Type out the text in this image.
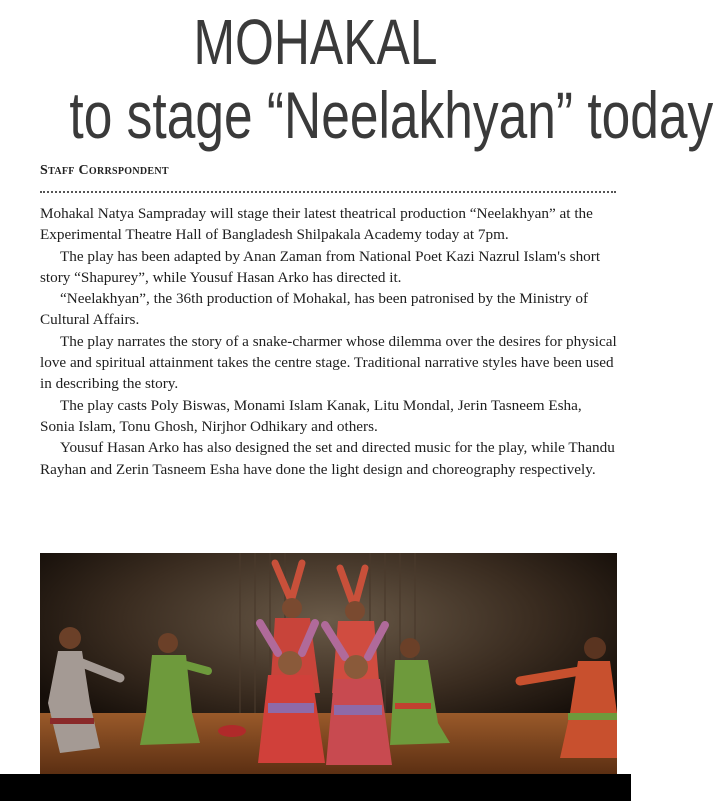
MOHAKAL
to stage “Neelakhyan” today
Staff Corrspondent

Mohakal Natya Sampraday will stage their latest theatrical production “Neelakhyan” at the Experimental Theatre Hall of Bangladesh Shilpakala Academy today at 7pm.

The play has been adapted by Anan Zaman from National Poet Kazi Nazrul Islam's short story “Shapurey”, while Yousuf Hasan Arko has directed it.

“Neelakhyan”, the 36th production of Mohakal, has been patronised by the Ministry of Cultural Affairs.

The play narrates the story of a snake-charmer whose dilemma over the desires for physical love and spiritual attainment takes the centre stage. Traditional narrative styles have been used in describing the story.

The play casts Poly Biswas, Monami Islam Kanak, Litu Mondal, Jerin Tasneem Esha, Sonia Islam, Tonu Ghosh, Nirjhor Odhikary and others.

Yousuf Hasan Arko has also designed the set and directed music for the play, while Thandu Rayhan and Zerin Tasneem Esha have done the light design and choreography respectively.
